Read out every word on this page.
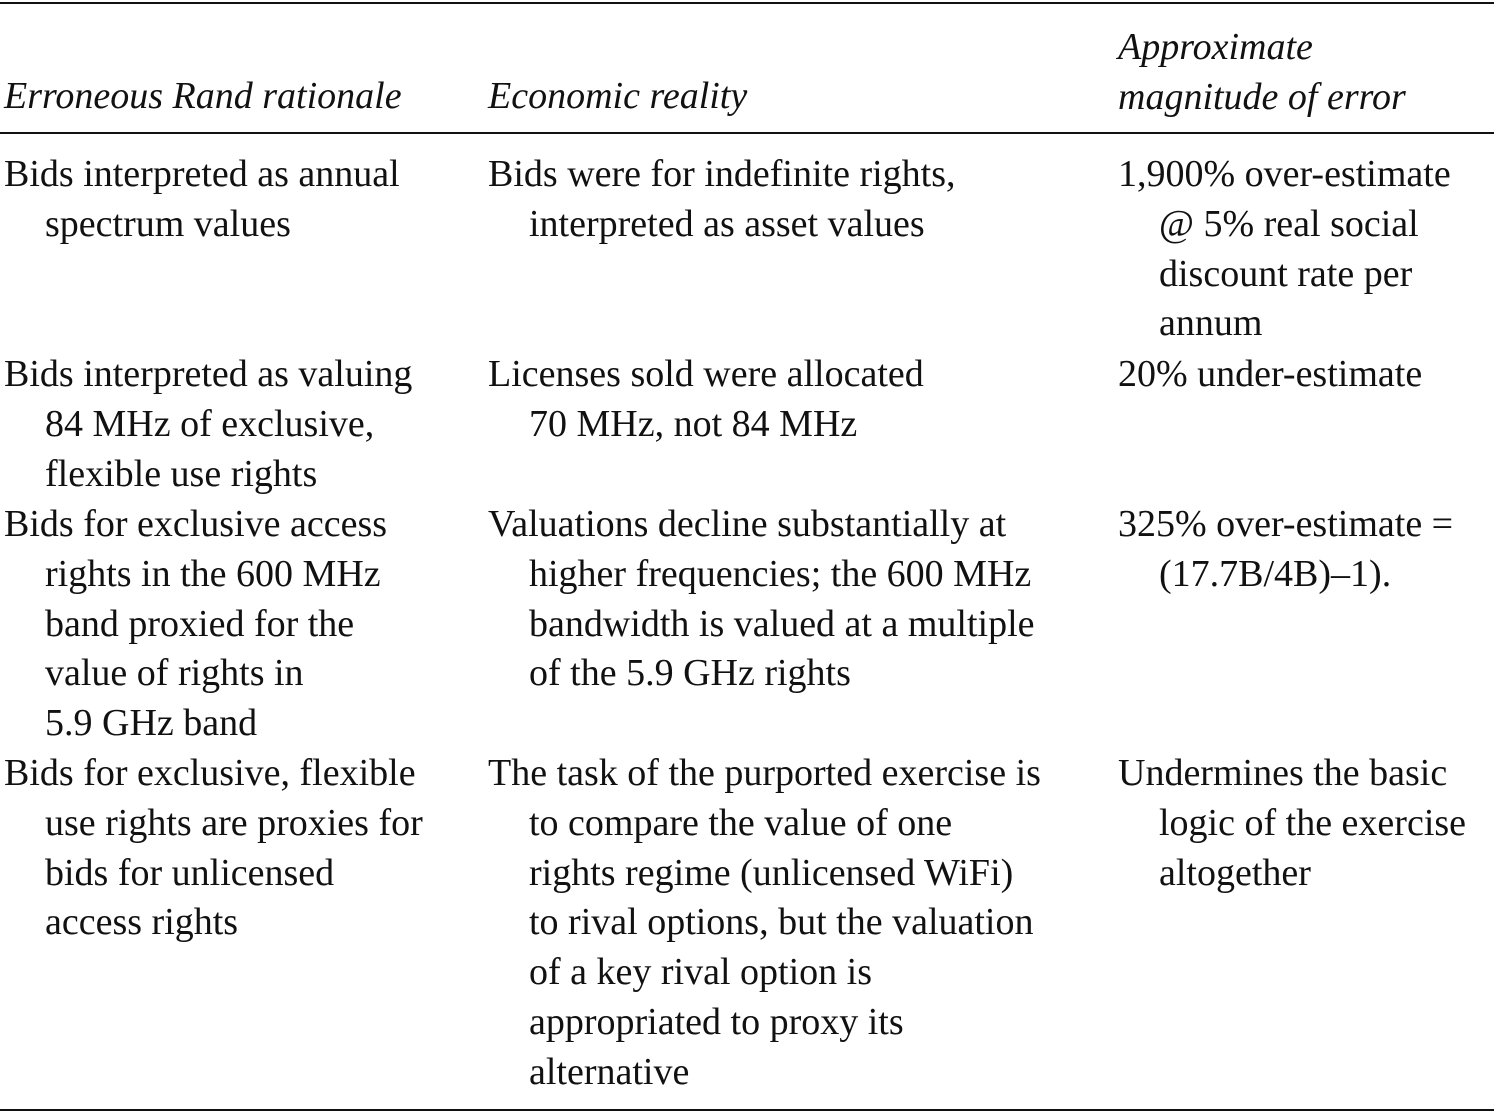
Erroneous Rand rationale	Economic reality
Approximate
magnitude of error
Bids interpreted as annual
spectrum values
Bids were for indefinite rights,
interpreted as asset values
1,900% over-estimate
@ 5% real social
discount rate per
annum
Bids interpreted as valuing
84 MHz of exclusive,
flexible use rights
Licenses sold were allocated
70 MHz, not 84 MHz
20% under-estimate
Bids for exclusive access
rights in the 600 MHz
band proxied for the
value of rights in
5.9 GHz band
Valuations decline substantially at
higher frequencies; the 600 MHz
bandwidth is valued at a multiple
of the 5.9 GHz rights
325% over-estimate =
(17.7B/4B)–1).
Bids for exclusive, flexible
use rights are proxies for
bids for unlicensed
access rights
The task of the purported exercise is
to compare the value of one
rights regime (unlicensed WiFi)
to rival options, but the valuation
of a key rival option is
appropriated to proxy its
alternative
Undermines the basic
logic of the exercise
altogether
